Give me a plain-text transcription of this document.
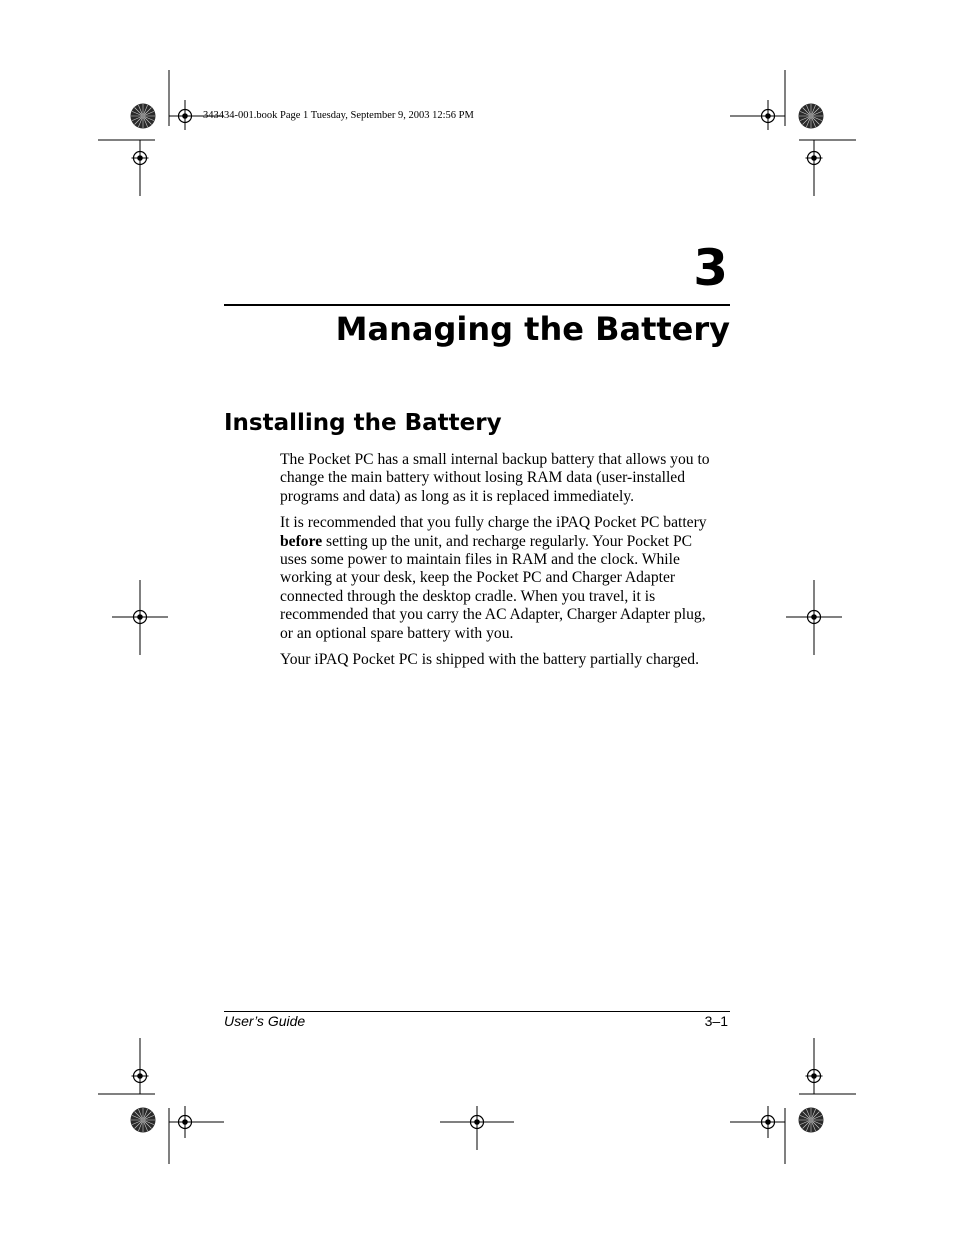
343434-001.book Page 1 Tuesday, September 9, 2003 12:56 PM
3
Managing the Battery
Installing the Battery

The Pocket PC has a small internal backup battery that allows you to change the main battery without losing RAM data (user-installed programs and data) as long as it is replaced immediately.

It is recommended that you fully charge the iPAQ Pocket PC battery before setting up the unit, and recharge regularly. Your Pocket PC uses some power to maintain files in RAM and the clock. While working at your desk, keep the Pocket PC and Charger Adapter connected through the desktop cradle. When you travel, it is recommended that you carry the AC Adapter, Charger Adapter plug, or an optional spare battery with you.

Your iPAQ Pocket PC is shipped with the battery partially charged.

User’s Guide	3–1
